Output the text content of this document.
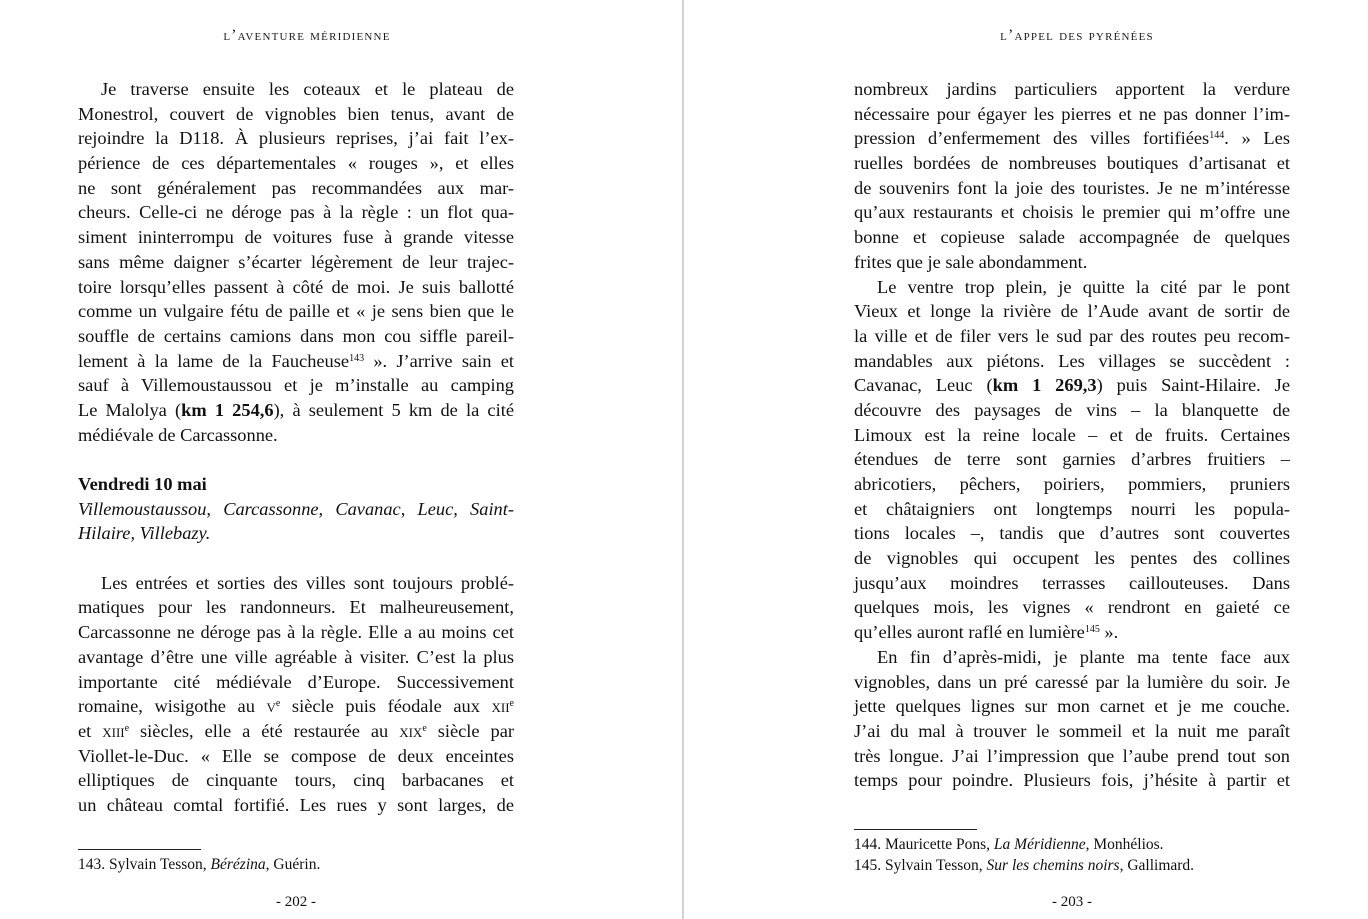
l’aventure méridienne
Je traverse ensuite les coteaux et le plateau de
Monestrol, couvert de vignobles bien tenus, avant de
rejoindre la D118. À plusieurs reprises, j’ai fait l’ex-
périence de ces départementales « rouges », et elles
ne sont généralement pas recommandées aux mar-
cheurs. Celle-ci ne déroge pas à la règle : un flot qua-
siment ininterrompu de voitures fuse à grande vitesse
sans même daigner s’écarter légèrement de leur trajec-
toire lorsqu’elles passent à côté de moi. Je suis ballotté
comme un vulgaire fétu de paille et « je sens bien que le
souffle de certains camions dans mon cou siffle pareil-
lement à la lame de la Faucheuse$^{143}$ ». J’arrive sain et
sauf à Villemoustaussou et je m’installe au camping
Le Malolya (km 1 254,6), à seulement 5 km de la cité
médiévale de Carcassonne.
Vendredi 10 mai
Villemoustaussou, Carcassonne, Cavanac, Leuc, Saint-
Hilaire, Villebazy.
Les entrées et sorties des villes sont toujours problé-
matiques pour les randonneurs. Et malheureusement,
Carcassonne ne déroge pas à la règle. Elle a au moins cet
avantage d’être une ville agréable à visiter. C’est la plus
importante cité médiévale d’Europe. Successivement
romaine, wisigothe au $v^e$ siècle puis féodale aux xii$^e$
et xiii$^e$ siècles, elle a été restaurée au xix$^e$ siècle par
Viollet-le-Duc. « Elle se compose de deux enceintes
elliptiques de cinquante tours, cinq barbacanes et
un château comtal fortifié. Les rues y sont larges, de
143. Sylvain Tesson, Bérézina, Guérin.
- 202 -
l’appel des pyrénées
nombreux jardins particuliers apportent la verdure
nécessaire pour égayer les pierres et ne pas donner l’im-
pression d’enfermement des villes fortifiées$^{144}$. » Les
ruelles bordées de nombreuses boutiques d’artisanat et
de souvenirs font la joie des touristes. Je ne m’intéresse
qu’aux restaurants et choisis le premier qui m’offre une
bonne et copieuse salade accompagnée de quelques
frites que je sale abondamment.
Le ventre trop plein, je quitte la cité par le pont
Vieux et longe la rivière de l’Aude avant de sortir de
la ville et de filer vers le sud par des routes peu recom-
mandables aux piétons. Les villages se succèdent :
Cavanac, Leuc (km 1 269,3) puis Saint-Hilaire. Je
découvre des paysages de vins – la blanquette de
Limoux est la reine locale – et de fruits. Certaines
étendues de terre sont garnies d’arbres fruitiers –
abricotiers, pêchers, poiriers, pommiers, pruniers
et châtaigniers ont longtemps nourri les popula-
tions locales –, tandis que d’autres sont couvertes
de vignobles qui occupent les pentes des collines
jusqu’aux moindres terrasses caillouteuses. Dans
quelques mois, les vignes « rendront en gaieté ce
qu’elles auront raflé en lumière$^{145}$ ».
En fin d’après-midi, je plante ma tente face aux
vignobles, dans un pré caressé par la lumière du soir. Je
jette quelques lignes sur mon carnet et je me couche.
J’ai du mal à trouver le sommeil et la nuit me paraît
très longue. J’ai l’impression que l’aube prend tout son
temps pour poindre. Plusieurs fois, j’hésite à partir et
144. Mauricette Pons, La Méridienne, Monhélios.
145. Sylvain Tesson, Sur les chemins noirs, Gallimard.
- 203 -
